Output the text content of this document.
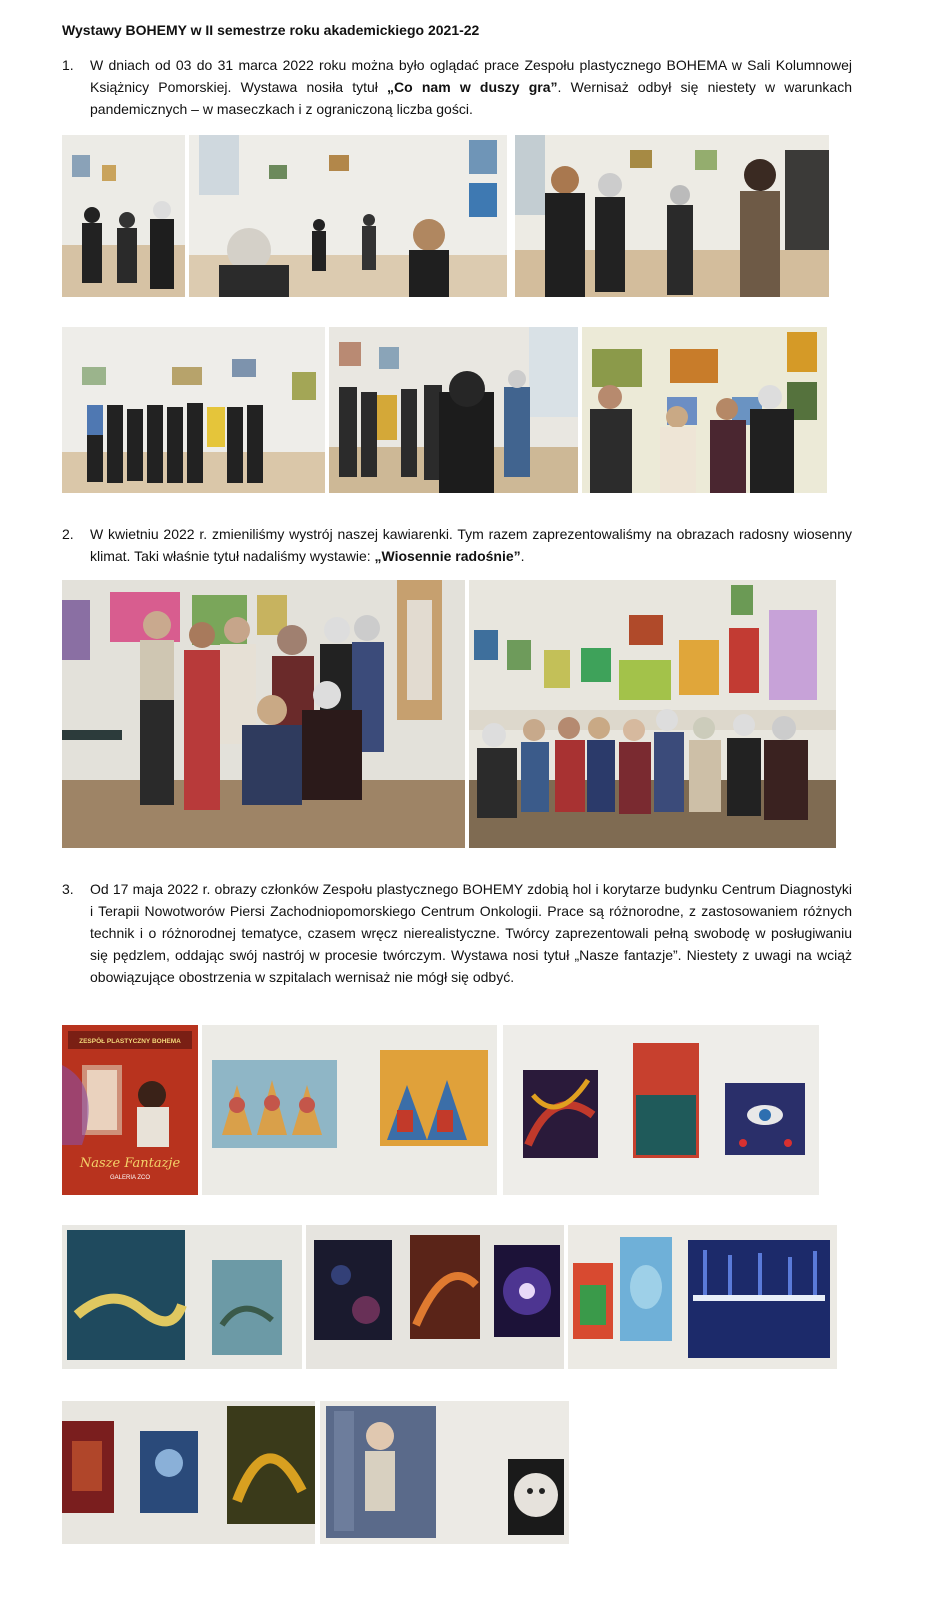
Wystawy BOHEMY w II semestrze roku akademickiego 2021-22
1.	W dniach od 03 do 31 marca 2022 roku można było oglądać prace Zespołu plastycznego BOHEMA w Sali Kolumnowej Książnicy Pomorskiej. Wystawa nosiła tytuł „Co nam w duszy gra”. Wernisaż odbył się niestety w warunkach pandemicznych – w maseczkach i z ograniczoną liczba gości.
2.	W kwietniu 2022 r. zmieniliśmy wystrój naszej kawiarenki. Tym razem zaprezentowaliśmy na obrazach radosny wiosenny klimat. Taki właśnie tytuł nadaliśmy wystawie: „Wiosennie radośnie”.
3.	Od 17 maja 2022 r. obrazy członków Zespołu plastycznego BOHEMY zdobią hol i korytarze budynku Centrum Diagnostyki i Terapii Nowotworów Piersi Zachodniopomorskiego Centrum Onkologii. Prace są różnorodne, z zastosowaniem różnych technik i o różnorodnej tematyce, czasem wręcz nierealistyczne. Twórcy zaprezentowali pełną swobodę w posługiwaniu się pędzlem, oddając swój nastrój w procesie twórczym. Wystawa nosi tytuł „Nasze fantazje”. Niestety z uwagi na wciąż obowiązujące obostrzenia w szpitalach wernisaż nie mógł się odbyć.
ZESPÓŁ PLASTYCZNY BOHEMA
Nasze Fantazje
GALERIA ZCO
